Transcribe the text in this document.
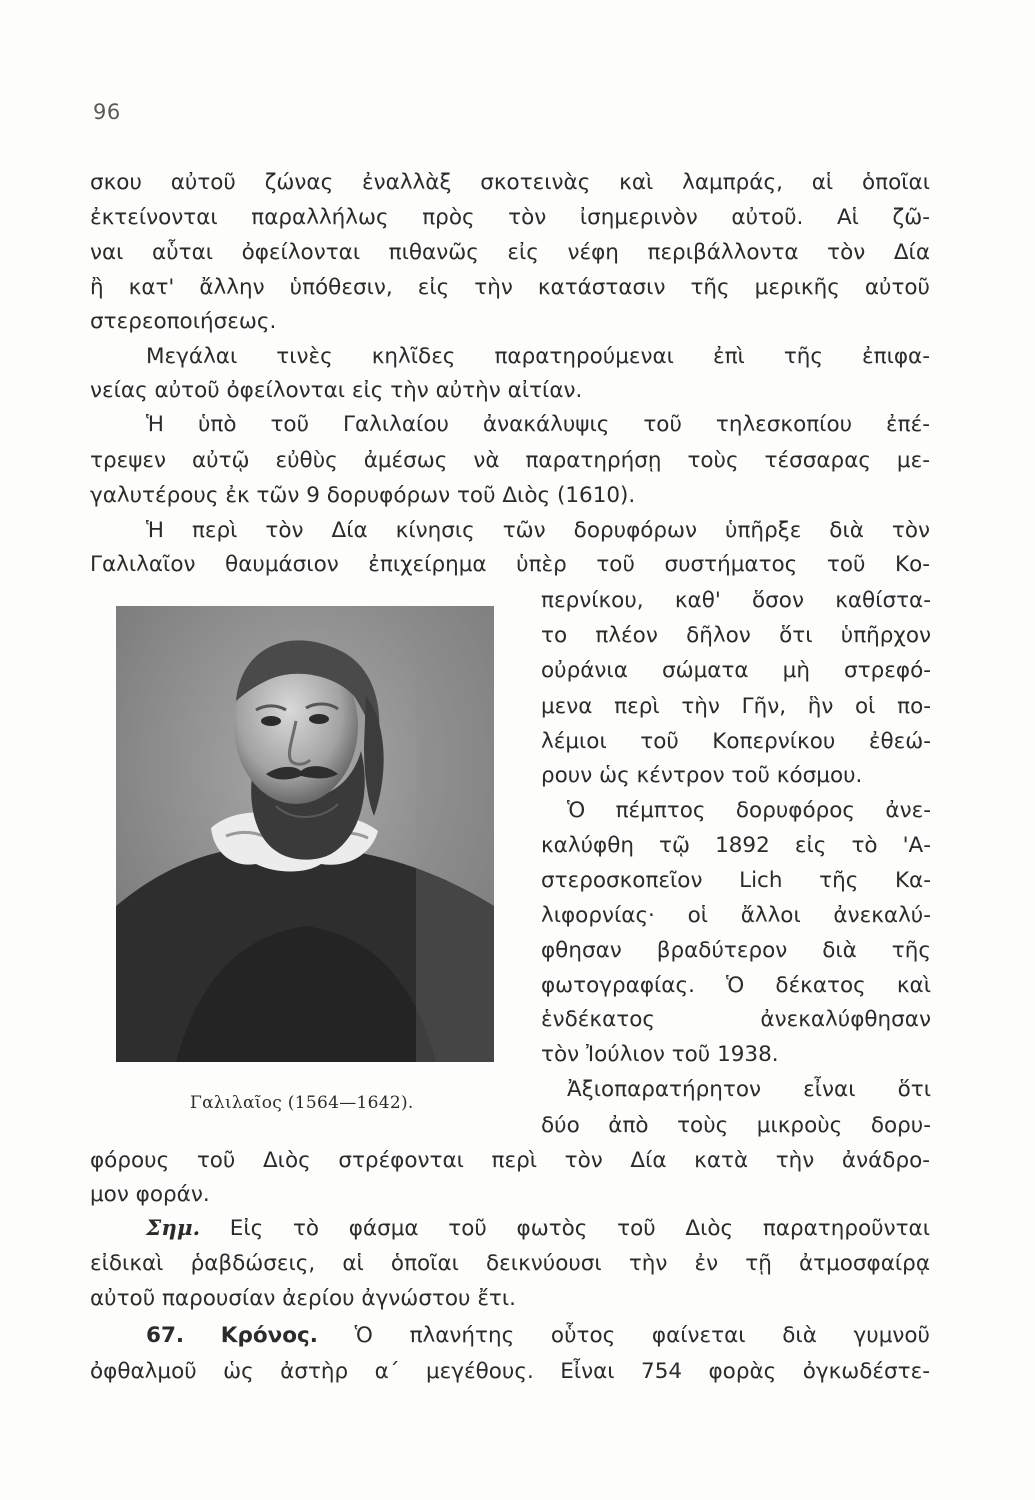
96
σκου αὐτοῦ ζώνας ἐναλλὰξ σκοτεινὰς καὶ λαμπράς, αἱ ὁποῖαι
ἐκτείνονται παραλλήλως πρὸς τὸν ἰσημερινὸν αὐτοῦ. Αἱ ζῶ-
ναι αὗται ὀφείλονται πιθανῶς εἰς νέφη περιβάλλοντα τὸν Δία
ἢ κατ' ἄλλην ὑπόθεσιν, εἰς τὴν κατάστασιν τῆς μερικῆς αὐτοῦ
στερεοποιήσεως.
Μεγάλαι τινὲς κηλῖδες παρατηρούμεναι ἐπὶ τῆς ἐπιφα-
νείας αὐτοῦ ὀφείλονται εἰς τὴν αὐτὴν αἰτίαν.
Ἡ ὑπὸ τοῦ Γαλιλαίου ἀνακάλυψις τοῦ τηλεσκοπίου ἐπέ-
τρεψεν αὐτῷ εὐθὺς ἀμέσως νὰ παρατηρήσῃ τοὺς τέσσαρας με-
γαλυτέρους ἐκ τῶν 9 δορυφόρων τοῦ Διὸς (1610).
Ἡ περὶ τὸν Δία κίνησις τῶν δορυφόρων ὑπῆρξε διὰ τὸν
Γαλιλαῖον θαυμάσιον ἐπιχείρημα ὑπὲρ τοῦ συστήματος τοῦ Κο-
περνίκου, καθ' ὅσον καθίστα-
το πλέον δῆλον ὅτι ὑπῆρχον
οὐράνια σώματα μὴ στρεφό-
μενα περὶ τὴν Γῆν, ἣν οἱ πο-
λέμιοι τοῦ Κοπερνίκου ἐθεώ-
ρουν ὡς κέντρον τοῦ κόσμου.
Ὁ πέμπτος δορυφόρος ἀνε-
καλύφθη τῷ 1892 εἰς τὸ 'Α-
στεροσκοπεῖον Lich τῆς Κα-
λιφορνίας· οἱ ἄλλοι ἀνεκαλύ-
φθησαν βραδύτερον διὰ τῆς
φωτογραφίας. Ὁ δέκατος καὶ
ἑνδέκατος ἀνεκαλύφθησαν
τὸν Ἰούλιον τοῦ 1938.
Ἀξιοπαρατήρητον εἶναι ὅτι
δύο ἀπὸ τοὺς μικροὺς δορυ-
φόρους τοῦ Διὸς στρέφονται περὶ τὸν Δία κατὰ τὴν ἀνάδρο-
μον φοράν.
Σημ. Εἰς τὸ φάσμα τοῦ φωτὸς τοῦ Διὸς παρατηροῦνται
εἰδικαὶ ῥαβδώσεις, αἱ ὁποῖαι δεικνύουσι τὴν ἐν τῇ ἀτμοσφαίρᾳ
αὐτοῦ παρουσίαν ἀερίου ἀγνώστου ἔτι.
67. Κρόνος. Ὁ πλανήτης οὗτος φαίνεται διὰ γυμνοῦ
ὀφθαλμοῦ ὡς ἀστὴρ α΄ μεγέθους. Εἶναι 754 φορὰς ὀγκωδέστε-
Γαλιλαῖος (1564—1642).
